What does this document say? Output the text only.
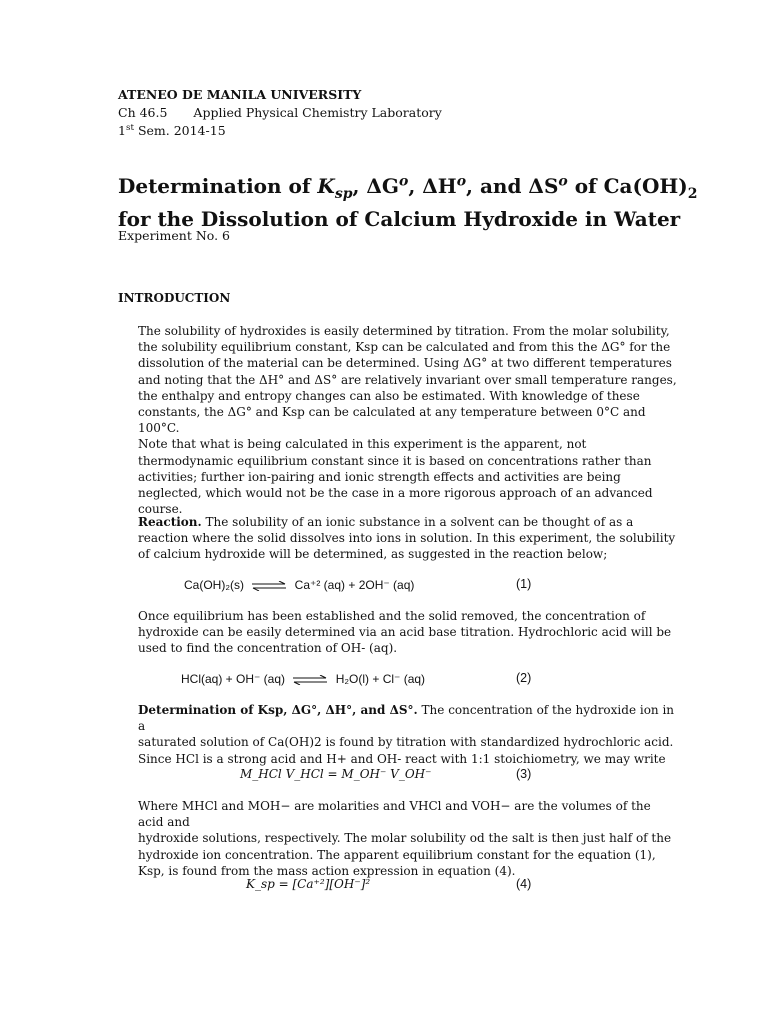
ATENEO DE MANILA UNIVERSITY
Ch 46.5 Applied Physical Chemistry Laboratory
1st Sem. 2014-15
Determination of $K_{sp}$, $\Delta G^o$, $\Delta H^o$, and $\Delta S^o$ of $Ca(OH)_2$
for the Dissolution of Calcium Hydroxide in Water
Experiment No. 6
INTRODUCTION
The solubility of hydroxides is easily determined by titration. From the molar solubility,
the solubility equilibrium constant, Ksp can be calculated and from this the ΔG° for the
dissolution of the material can be determined. Using ΔG° at two different temperatures
and noting that the ΔH° and ΔS° are relatively invariant over small temperature ranges,
the enthalpy and entropy changes can also be estimated. With knowledge of these
constants, the ΔG° and Ksp can be calculated at any temperature between 0°C and 100°C.
Note that what is being calculated in this experiment is the apparent, not
thermodynamic equilibrium constant since it is based on concentrations rather than
activities; further ion-pairing and ionic strength effects and activities are being
neglected, which would not be the case in a more rigorous approach of an advanced
course.
Reaction. The solubility of an ionic substance in a solvent can be thought of as a
reaction where the solid dissolves into ions in solution. In this experiment, the solubility
of calcium hydroxide will be determined, as suggested in the reaction below;
Ca(OH)₂(s) ⇌ Ca⁺² (aq) + 2OH⁻ (aq)	(1)
Once equilibrium has been established and the solid removed, the concentration of
hydroxide can be easily determined via an acid base titration. Hydrochloric acid will be
used to find the concentration of OH- (aq).
HCl(aq) + OH⁻ (aq) ⇌ H₂O(l) + Cl⁻ (aq)	(2)
Determination of Ksp, ΔG°, ΔH°, and ΔS°. The concentration of the hydroxide ion in a
saturated solution of Ca(OH)2 is found by titration with standardized hydrochloric acid.
Since HCl is a strong acid and H+ and OH- react with 1:1 stoichiometry, we may write
M_HCl V_HCl = M_OH⁻ V_OH⁻	(3)
Where MHCl and MOH− are molarities and VHCl and VOH− are the volumes of the acid and
hydroxide solutions, respectively. The molar solubility od the salt is then just half of the
hydroxide ion concentration. The apparent equilibrium constant for the equation (1),
Ksp, is found from the mass action expression in equation (4).
K_sp = [Ca⁺²][OH⁻]²	(4)
